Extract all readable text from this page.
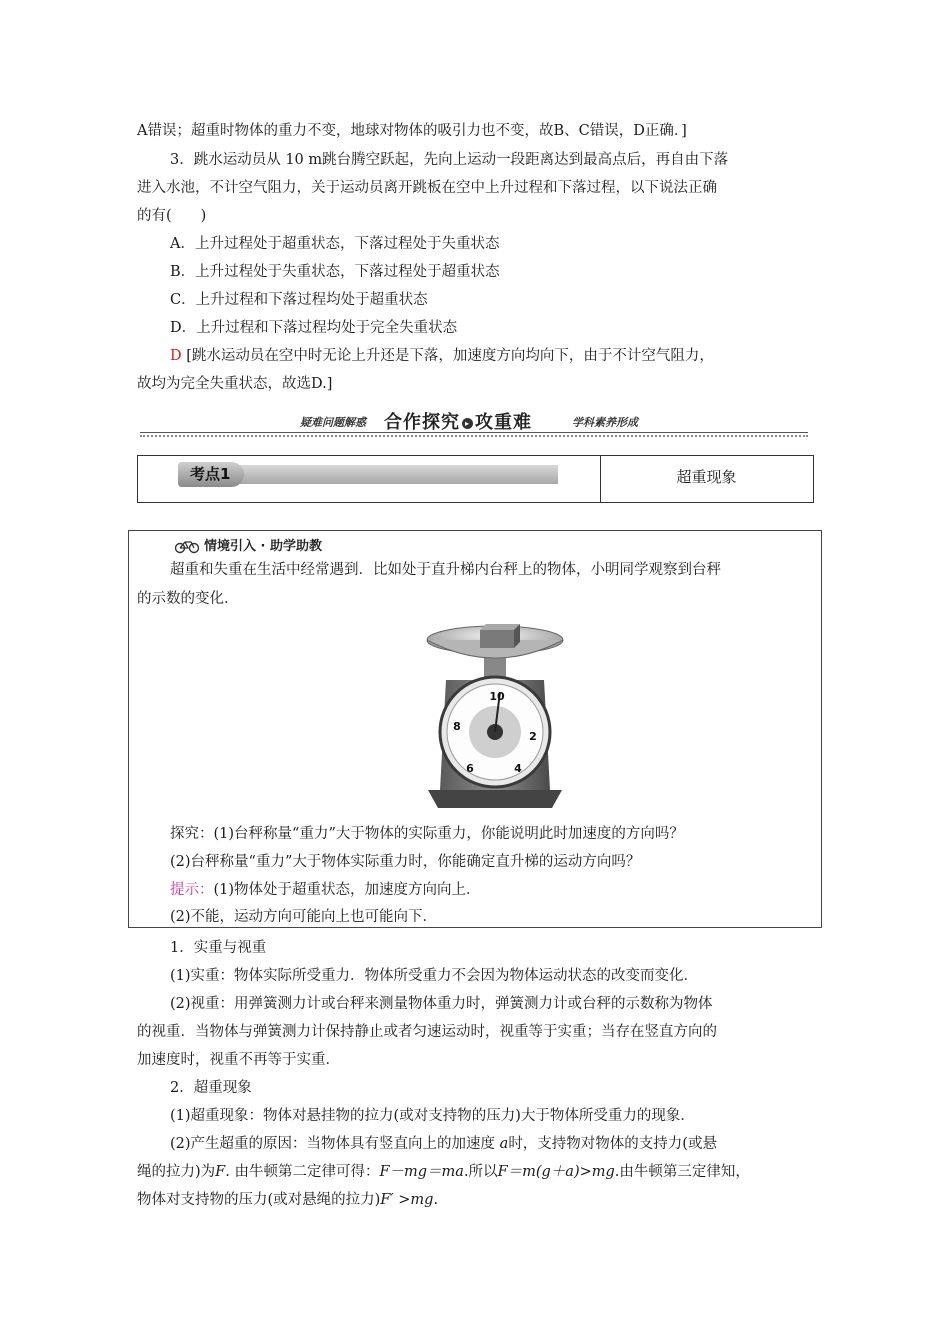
A错误；超重时物体的重力不变，地球对物体的吸引力也不变，故B、C错误，D正确．]
3．跳水运动员从 10 m跳台腾空跃起，先向上运动一段距离达到最高点后，再自由下落
进入水池，不计空气阻力，关于运动员离开跳板在空中上升过程和下落过程，以下说法正确
的有(　　)
A．上升过程处于超重状态，下落过程处于失重状态
B．上升过程处于失重状态，下落过程处于超重状态
C．上升过程和下落过程均处于超重状态
D．上升过程和下落过程均处于完全失重状态
D [跳水运动员在空中时无论上升还是下落，加速度方向均向下，由于不计空气阻力，
故均为完全失重状态，故选D.]
疑难问题解惑 合作探究 ▸ 攻重难	学科素养形成
考点1	超重现象
情境引入 · 助学助教
超重和失重在生活中经常遇到．比如处于直升梯内台秤上的物体，小明同学观察到台秤
的示数的变化．
10
2
4
6
8
探究：(1)台秤称量“重力”大于物体的实际重力，你能说明此时加速度的方向吗？
(2)台秤称量“重力”大于物体实际重力时，你能确定直升梯的运动方向吗？
提示：(1)物体处于超重状态，加速度方向向上．
(2)不能，运动方向可能向上也可能向下．
1．实重与视重
(1)实重：物体实际所受重力．物体所受重力不会因为物体运动状态的改变而变化．
(2)视重：用弹簧测力计或台秤来测量物体重力时，弹簧测力计或台秤的示数称为物体
的视重．当物体与弹簧测力计保持静止或者匀速运动时，视重等于实重；当存在竖直方向的
加速度时，视重不再等于实重．
2．超重现象
(1)超重现象：物体对悬挂物的拉力(或对支持物的压力)大于物体所受重力的现象．
(2)产生超重的原因：当物体具有竖直向上的加速度 a时，支持物对物体的支持力(或悬
绳的拉力)为F. 由牛顿第二定律可得：F－mg＝ma.所以F＝m(g＋a)>mg.由牛顿第三定律知，
物体对支持物的压力(或对悬绳的拉力)F′ >mg.
